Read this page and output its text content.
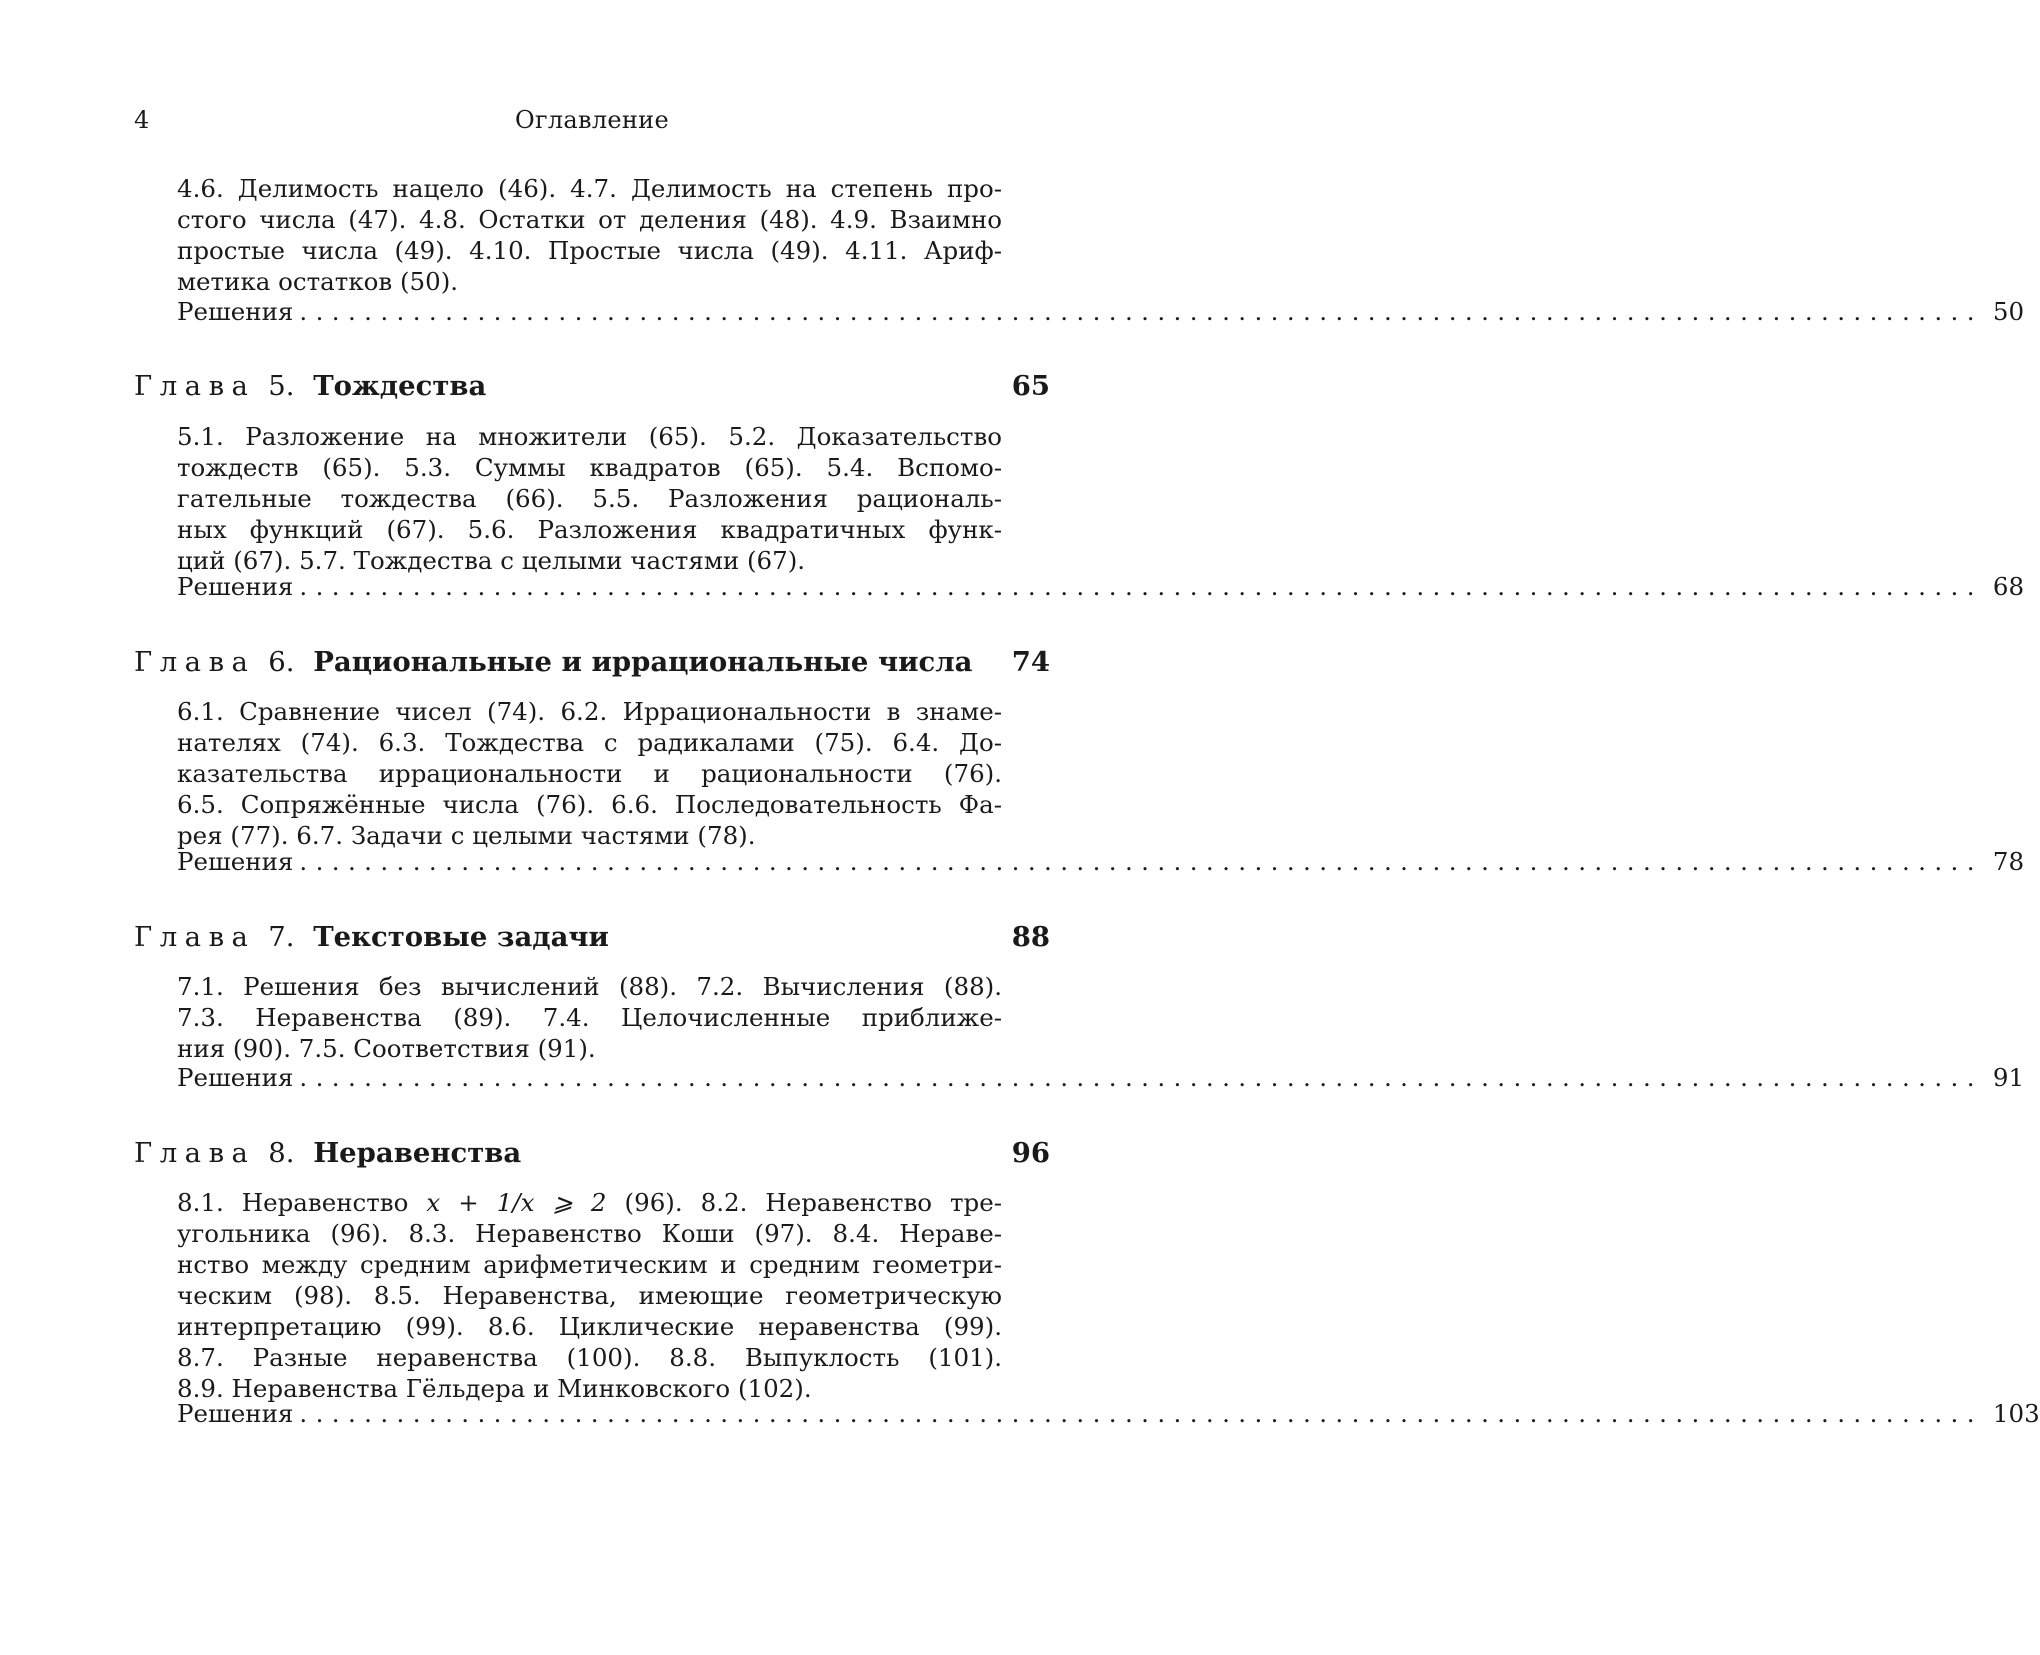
4	Оглавление
4.6. Делимость нацело (46). 4.7. Делимость на степень про-
стого числа (47). 4.8. Остатки от деления (48). 4.9. Взаимно
простые числа (49). 4.10. Простые числа (49). 4.11. Ариф-
метика остатков (50).
Решения ........................................................................................................ 50
Глава 5. Тождества	65
5.1. Разложение на множители (65). 5.2. Доказательство
тождеств (65). 5.3. Суммы квадратов (65). 5.4. Вспомо-
гательные тождества (66). 5.5. Разложения рациональ-
ных функций (67). 5.6. Разложения квадратичных функ-
ций (67). 5.7. Тождества с целыми частями (67).
Решения ........................................................................................................ 68
Глава 6. Рациональные и иррациональные числа 74
6.1. Сравнение чисел (74). 6.2. Иррациональности в знаме-
нателях (74). 6.3. Тождества с радикалами (75). 6.4. До-
казательства иррациональности и рациональности (76).
6.5. Сопряжённые числа (76). 6.6. Последовательность Фа-
рея (77). 6.7. Задачи с целыми частями (78).
Решения ........................................................................................................ 78
Глава 7. Текстовые задачи	88
7.1. Решения без вычислений (88). 7.2. Вычисления (88).
7.3. Неравенства (89). 7.4. Целочисленные приближе-
ния (90). 7.5. Соответствия (91).
Решения ........................................................................................................ 91
Глава 8. Неравенства	96
8.1. Неравенство x + 1/x ⩾ 2 (96). 8.2. Неравенство тре-
угольника (96). 8.3. Неравенство Коши (97). 8.4. Нераве-
нство между средним арифметическим и средним геометри-
ческим (98). 8.5. Неравенства, имеющие геометрическую
интерпретацию (99). 8.6. Циклические неравенства (99).
8.7. Разные неравенства (100). 8.8. Выпуклость (101).
8.9. Неравенства Гёльдера и Минковского (102).
Решения ........................................................................................................ 103
